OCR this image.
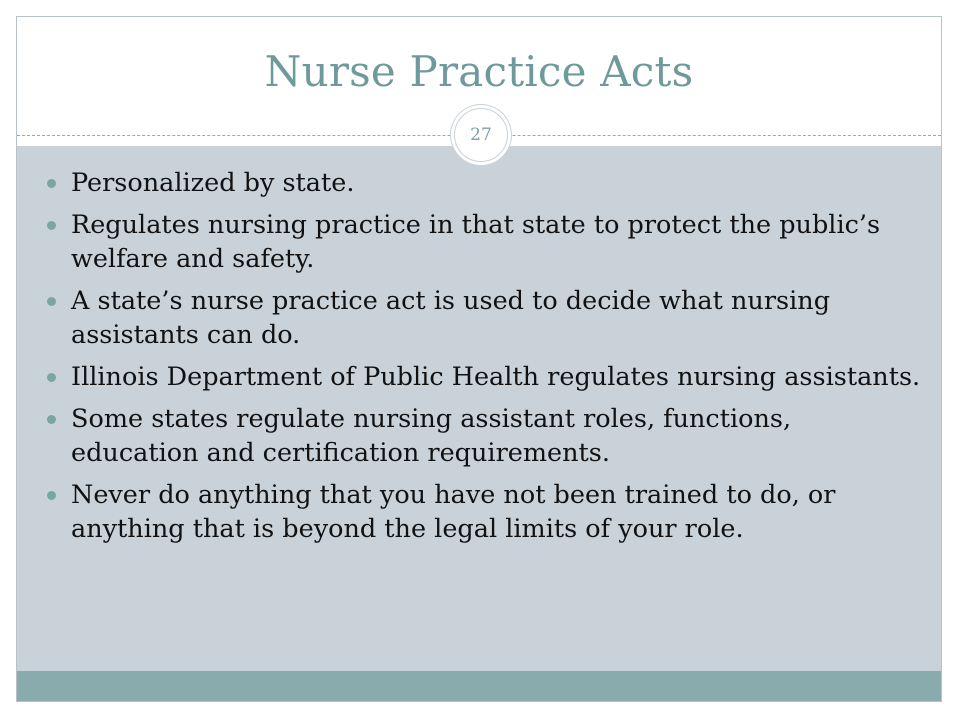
Nurse Practice Acts
27
Personalized by state.
Regulates nursing practice in that state to protect the public’s welfare and safety.
A state’s nurse practice act is used to decide what nursing assistants can do.
Illinois Department of Public Health regulates nursing assistants.
Some states regulate nursing assistant roles, functions, education and certification requirements.
Never do anything that you have not been trained to do, or anything that is beyond the legal limits of your role.
